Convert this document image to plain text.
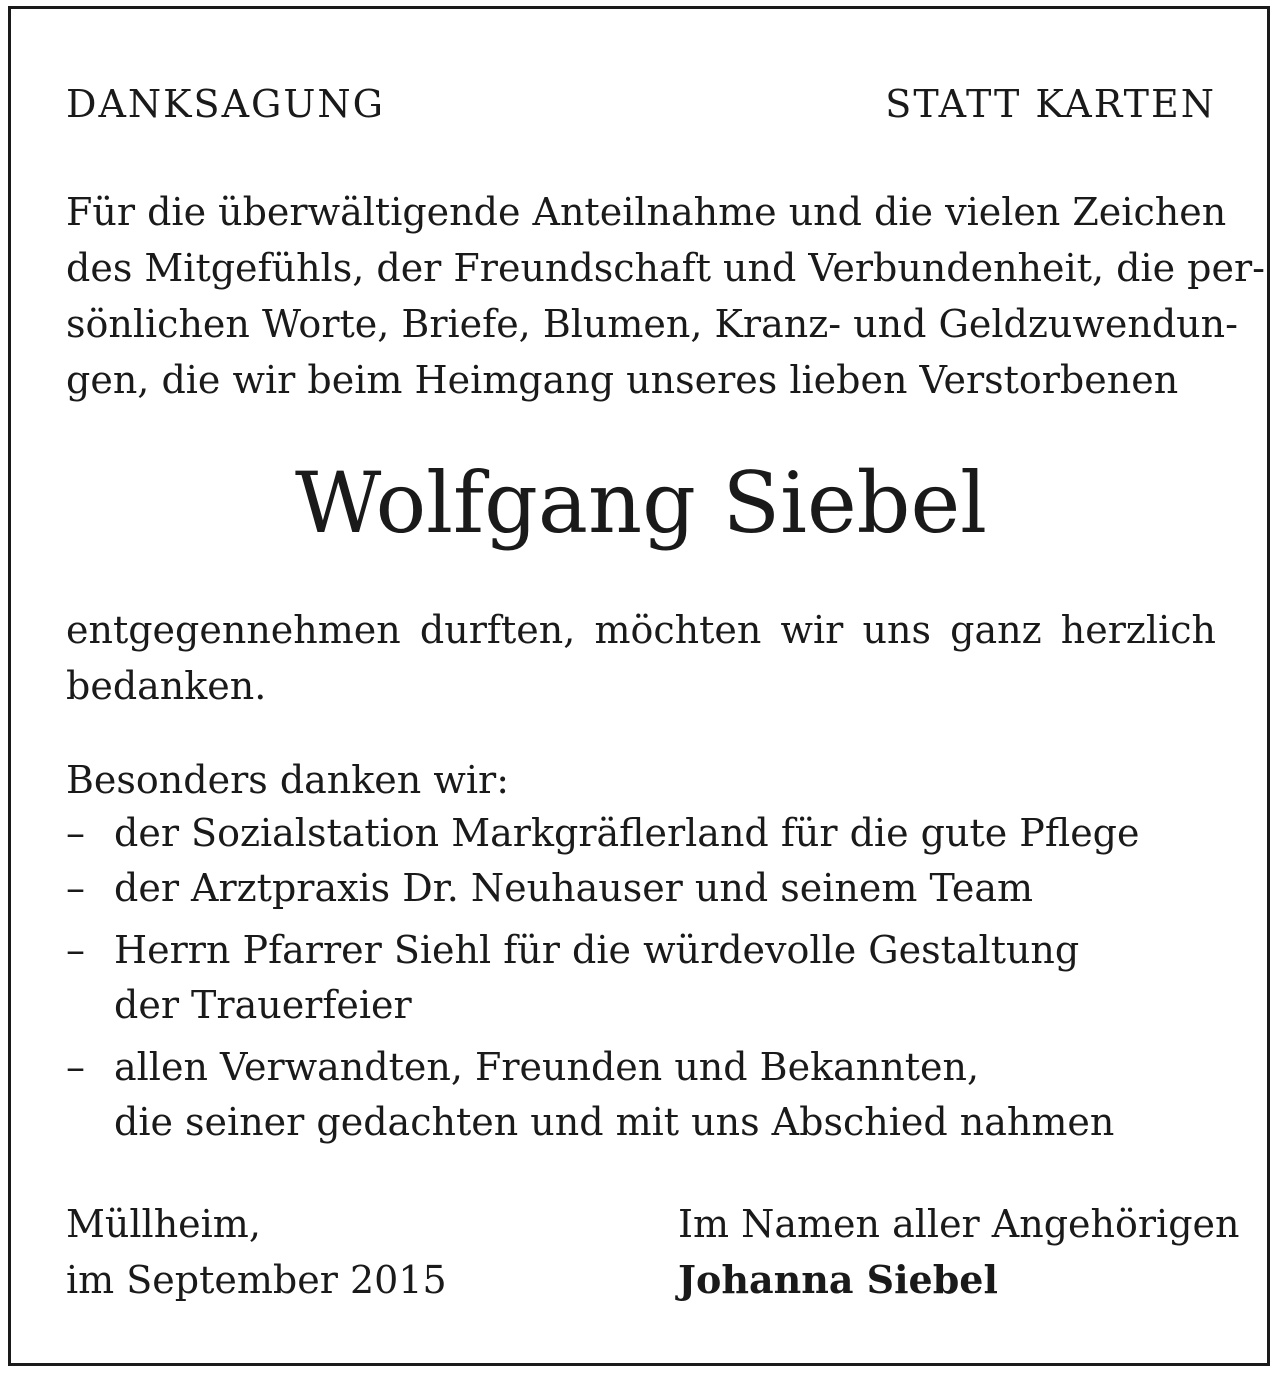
DANKSAGUNG	STATT KARTEN
Für die überwältigende Anteilnahme und die vielen Zeichen
des Mitgefühls, der Freundschaft und Verbundenheit, die per-
sönlichen Worte, Briefe, Blumen, Kranz- und Geldzuwendun-
gen, die wir beim Heimgang unseres lieben Verstorbenen
Wolfgang Siebel
entgegennehmen durften, möchten wir uns ganz herzlich
bedanken.
Besonders danken wir:
– der Sozialstation Markgräflerland für die gute Pflege
– der Arztpraxis Dr. Neuhauser und seinem Team
– Herrn Pfarrer Siehl für die würdevolle Gestaltung
der Trauerfeier
– allen Verwandten, Freunden und Bekannten,
die seiner gedachten und mit uns Abschied nahmen
Müllheim,
im September 2015
Im Namen aller Angehörigen
Johanna Siebel
